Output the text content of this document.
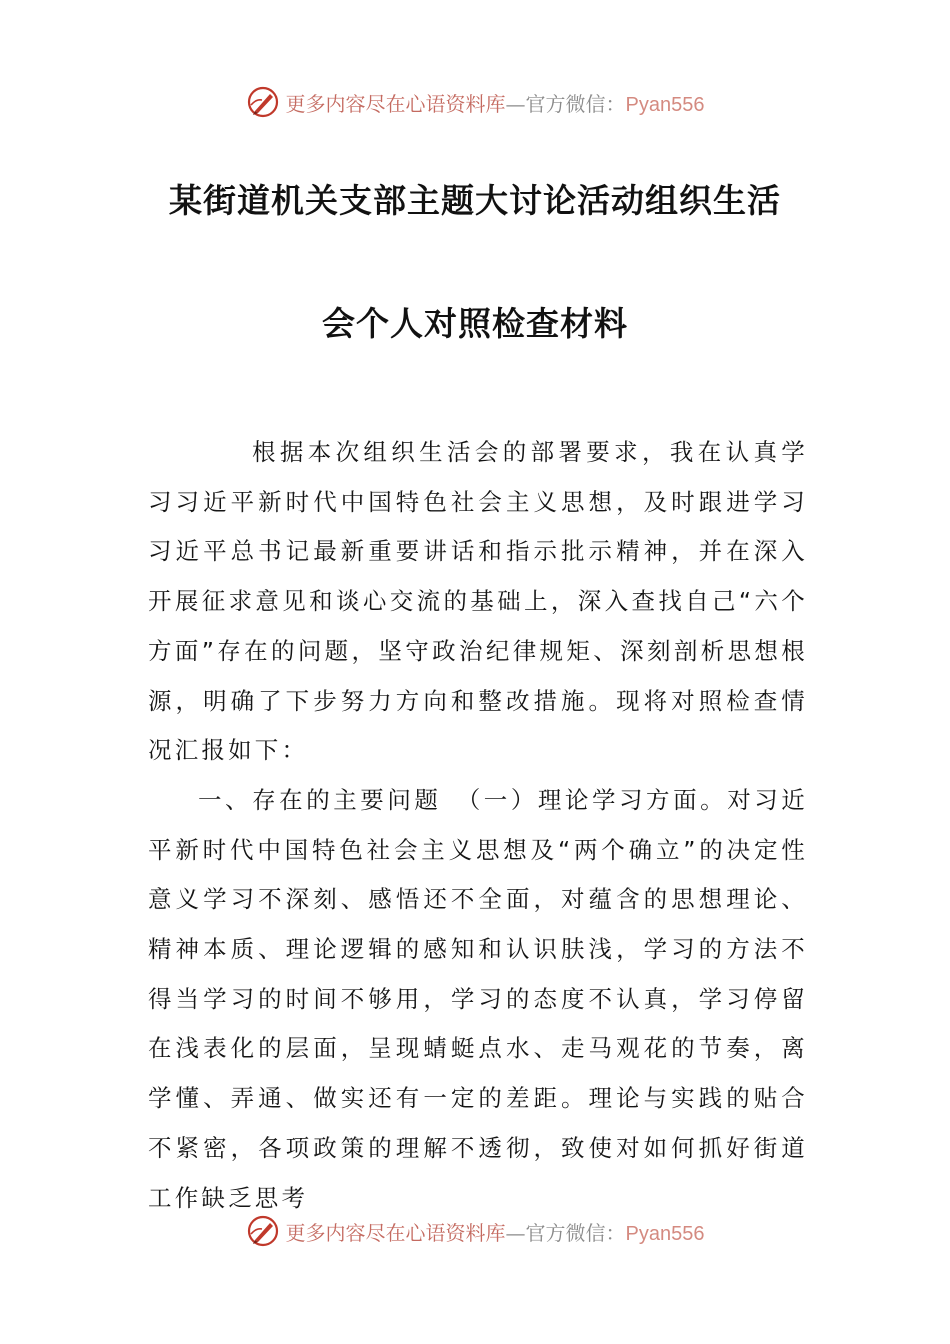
更多内容尽在心语资料库—官方微信：Pyan556
某街道机关支部主题大讨论活动组织生活
会个人对照检查材料

根据本次组织生活会的部署要求，我在认真学习习近平新时代中国特色社会主义思想，及时跟进学习习近平总书记最新重要讲话和指示批示精神，并在深入开展征求意见和谈心交流的基础上，深入查找自己“六个方面”存在的问题，坚守政治纪律规矩、深刻剖析思想根源，明确了下步努力方向和整改措施。现将对照检查情况汇报如下：

一、存在的主要问题　（一）理论学习方面。对习近平新时代中国特色社会主义思想及“两个确立”的决定性意义学习不深刻、感悟还不全面，对蕴含的思想理论、精神本质、理论逻辑的感知和认识肤浅，学习的方法不得当学习的时间不够用，学习的态度不认真，学习停留在浅表化的层面，呈现蜻蜓点水、走马观花的节奏，离学懂、弄通、做实还有一定的差距。理论与实践的贴合不紧密，各项政策的理解不透彻，致使对如何抓好街道工作缺乏思考

更多内容尽在心语资料库—官方微信：Pyan556
